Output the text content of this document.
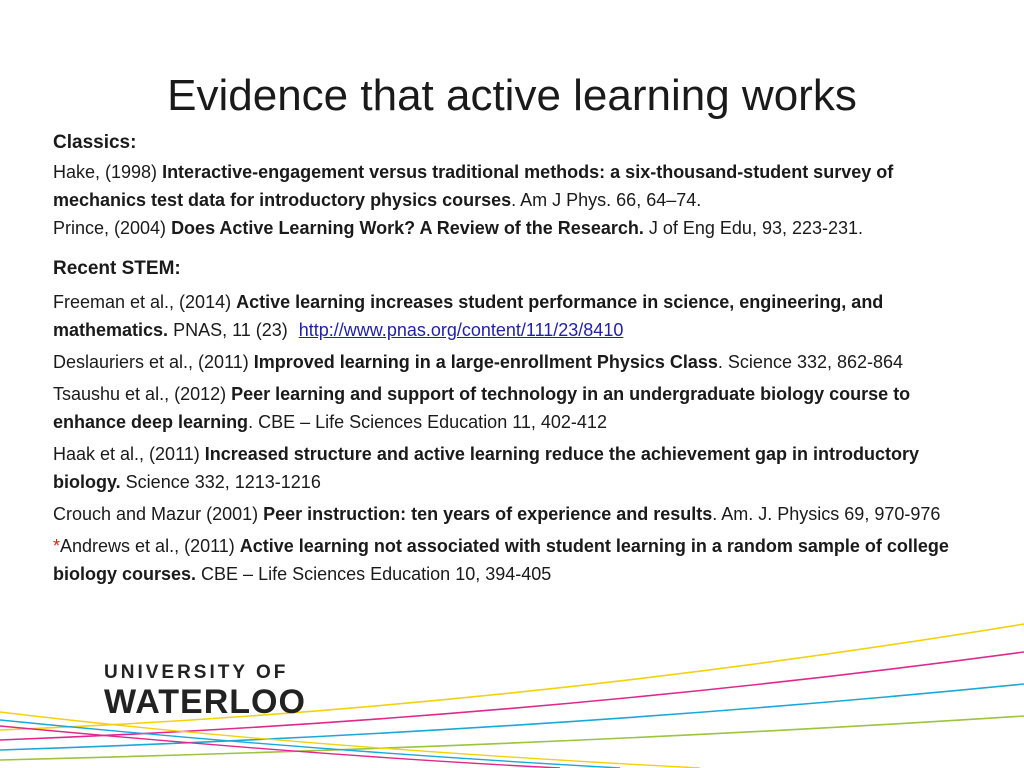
Evidence that active learning works

Classics:

Hake, (1998) Interactive-engagement versus traditional methods: a six-thousand-student survey of mechanics test data for introductory physics courses. Am J Phys. 66, 64–74.

Prince, (2004) Does Active Learning Work? A Review of the Research. J of Eng Edu, 93, 223-231.

Recent STEM:

Freeman et al., (2014) Active learning increases student performance in science, engineering, and mathematics. PNAS, 11 (23) http://www.pnas.org/content/111/23/8410

Deslauriers et al., (2011) Improved learning in a large-enrollment Physics Class. Science 332, 862-864

Tsaushu et al., (2012) Peer learning and support of technology in an undergraduate biology course to enhance deep learning. CBE – Life Sciences Education 11, 402-412

Haak et al., (2011) Increased structure and active learning reduce the achievement gap in introductory biology. Science 332, 1213-1216

Crouch and Mazur (2001) Peer instruction: ten years of experience and results. Am. J. Physics 69, 970-976

*Andrews et al., (2011) Active learning not associated with student learning in a random sample of college biology courses. CBE – Life Sciences Education 10, 394-405

UNIVERSITY OF

WATERLOO
